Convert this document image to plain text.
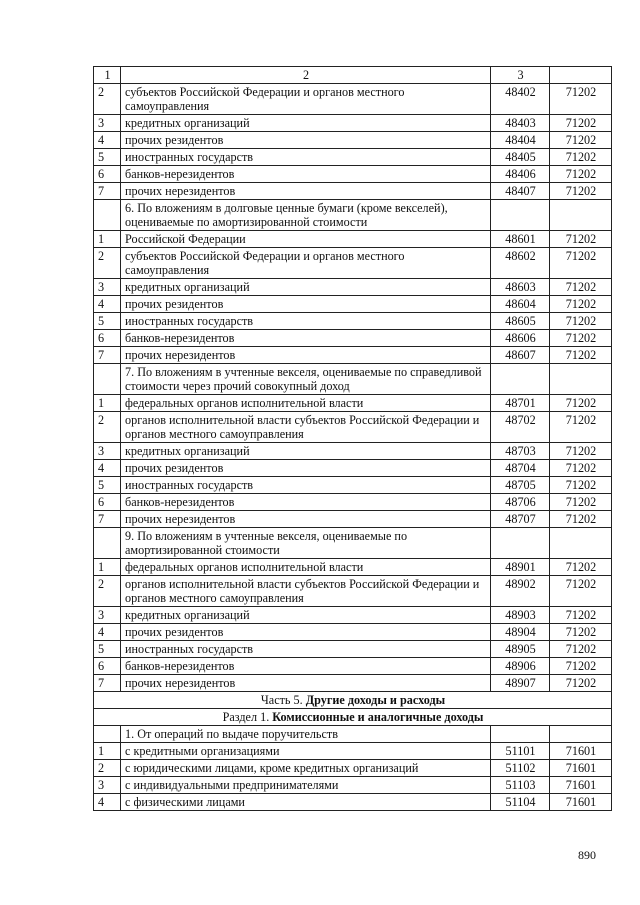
1	2	3	
2	субъектов Российской Федерации и органов местного самоуправления	48402	71202
3	кредитных организаций	48403	71202
4	прочих резидентов	48404	71202
5	иностранных государств	48405	71202
6	банков-нерезидентов	48406	71202
7	прочих нерезидентов	48407	71202
	6. По вложениям в долговые ценные бумаги (кроме векселей), оцениваемые по амортизированной стоимости		
1	Российской Федерации	48601	71202
2	субъектов Российской Федерации и органов местного самоуправления	48602	71202
3	кредитных организаций	48603	71202
4	прочих резидентов	48604	71202
5	иностранных государств	48605	71202
6	банков-нерезидентов	48606	71202
7	прочих нерезидентов	48607	71202
	7. По вложениям в учтенные векселя, оцениваемые по справедливой стоимости через прочий совокупный доход		
1	федеральных органов исполнительной власти	48701	71202
2	органов исполнительной власти субъектов Российской Федерации и органов местного самоуправления	48702	71202
3	кредитных организаций	48703	71202
4	прочих резидентов	48704	71202
5	иностранных государств	48705	71202
6	банков-нерезидентов	48706	71202
7	прочих нерезидентов	48707	71202
	9. По вложениям в учтенные векселя, оцениваемые по амортизированной стоимости		
1	федеральных органов исполнительной власти	48901	71202
2	органов исполнительной власти субъектов Российской Федерации и органов местного самоуправления	48902	71202
3	кредитных организаций	48903	71202
4	прочих резидентов	48904	71202
5	иностранных государств	48905	71202
6	банков-нерезидентов	48906	71202
7	прочих нерезидентов	48907	71202
Часть 5. Другие доходы и расходы			
Раздел 1. Комиссионные и аналогичные доходы			
	1. От операций по выдаче поручительств		
1	с кредитными организациями	51101	71601
2	с юридическими лицами, кроме кредитных организаций	51102	71601
3	с индивидуальными предпринимателями	51103	71601
4	с физическими лицами	51104	71601
890
